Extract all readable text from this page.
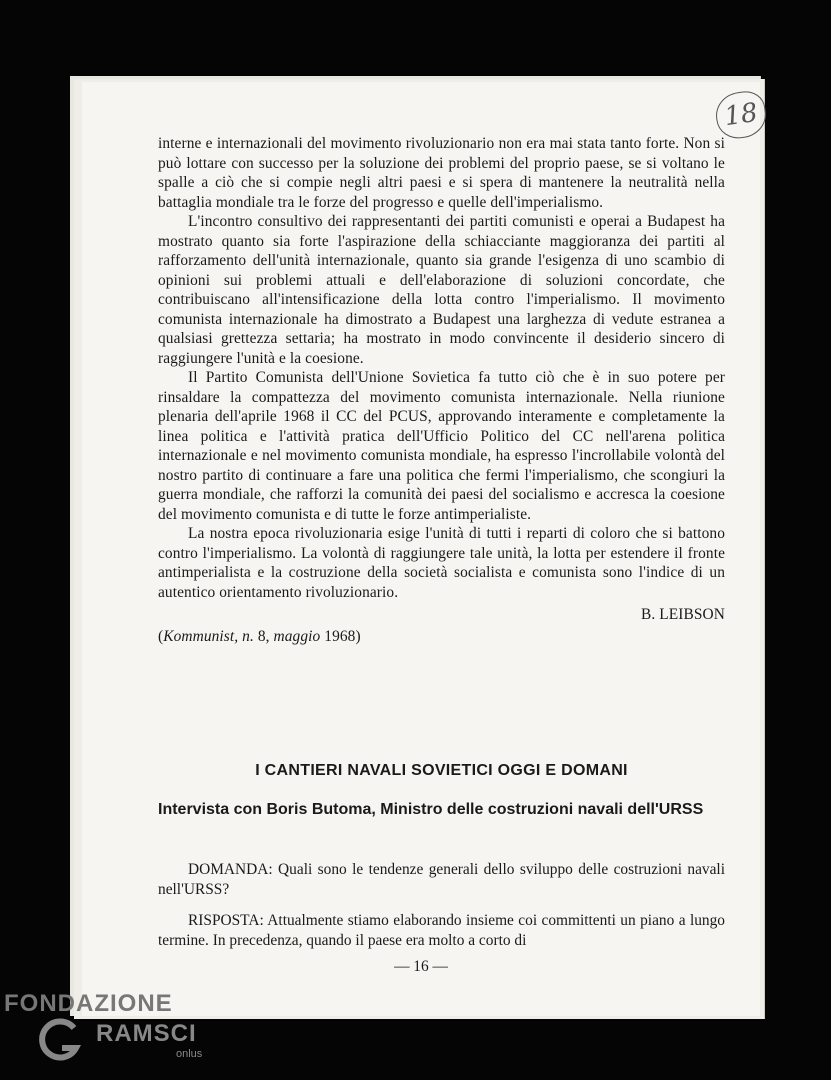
18

interne e internazionali del movimento rivoluzionario non era mai stata tanto forte. Non si può lottare con successo per la soluzione dei problemi del proprio paese, se si voltano le spalle a ciò che si compie negli altri paesi e si spera di mantenere la neutralità nella battaglia mondiale tra le forze del progresso e quelle dell'imperialismo.

L'incontro consultivo dei rappresentanti dei partiti comunisti e operai a Budapest ha mostrato quanto sia forte l'aspirazione della schiacciante maggioranza dei partiti al rafforzamento dell'unità internazionale, quanto sia grande l'esigenza di uno scambio di opinioni sui problemi attuali e dell'elaborazione di soluzioni concordate, che contribuiscano all'intensificazione della lotta contro l'imperialismo. Il movimento comunista internazionale ha dimostrato a Budapest una larghezza di vedute estranea a qualsiasi grettezza settaria; ha mostrato in modo convincente il desiderio sincero di raggiungere l'unità e la coesione.

Il Partito Comunista dell'Unione Sovietica fa tutto ciò che è in suo potere per rinsaldare la compattezza del movimento comunista internazionale. Nella riunione plenaria dell'aprile 1968 il CC del PCUS, approvando interamente e completamente la linea politica e l'attività pratica dell'Ufficio Politico del CC nell'arena politica internazionale e nel movimento comunista mondiale, ha espresso l'incrollabile volontà del nostro partito di continuare a fare una politica che fermi l'imperialismo, che scongiuri la guerra mondiale, che rafforzi la comunità dei paesi del socialismo e accresca la coesione del movimento comunista e di tutte le forze antimperialiste.

La nostra epoca rivoluzionaria esige l'unità di tutti i reparti di coloro che si battono contro l'imperialismo. La volontà di raggiungere tale unità, la lotta per estendere il fronte antimperialista e la costruzione della società socialista e comunista sono l'indice di un autentico orientamento rivoluzionario.

B. LEIBSON
(Kommunist, n. 8, maggio 1968)
I CANTIERI NAVALI SOVIETICI OGGI E DOMANI
Intervista con Boris Butoma, Ministro delle costruzioni navali dell'URSS

DOMANDA: Quali sono le tendenze generali dello sviluppo delle costruzioni navali nell'URSS?

RISPOSTA: Attualmente stiamo elaborando insieme coi committenti un piano a lungo termine. In precedenza, quando il paese era molto a corto di

— 16 —
FONDAZIONE
RAMSCI
onlus
